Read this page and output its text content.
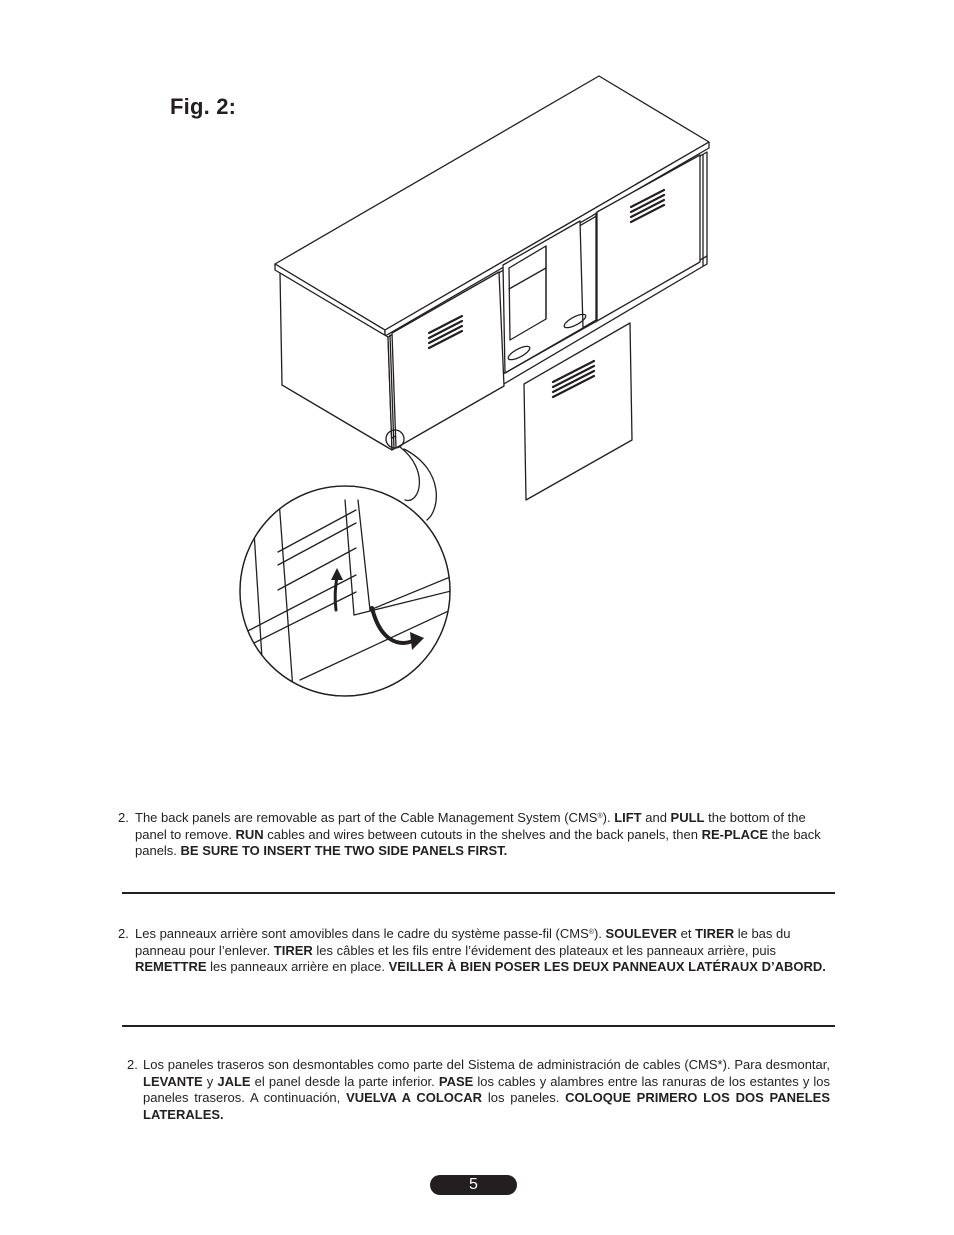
Fig. 2:
2. The back panels are removable as part of the Cable Management System (CMS®). LIFT and PULL the bottom of the panel to remove. RUN cables and wires between cutouts in the shelves and the back panels, then RE-PLACE the back panels. BE SURE TO INSERT THE TWO SIDE PANELS FIRST.
2. Les panneaux arrière sont amovibles dans le cadre du système passe-fil (CMS®). SOULEVER et TIRER le bas du panneau pour l’enlever. TIRER les câbles et les fils entre l’évidement des plateaux et les panneaux arrière, puis REMETTRE les panneaux arrière en place. VEILLER À BIEN POSER LES DEUX PANNEAUX LATÉRAUX D’ABORD.
2. Los paneles traseros son desmontables como parte del Sistema de administración de cables (CMS*). Para desmontar, LEVANTE y JALE el panel desde la parte inferior. PASE los cables y alambres entre las ranuras de los estantes y los paneles traseros. A continuación, VUELVA A COLOCAR los paneles. COLOQUE PRIMERO LOS DOS PANELES LATERALES.
5
